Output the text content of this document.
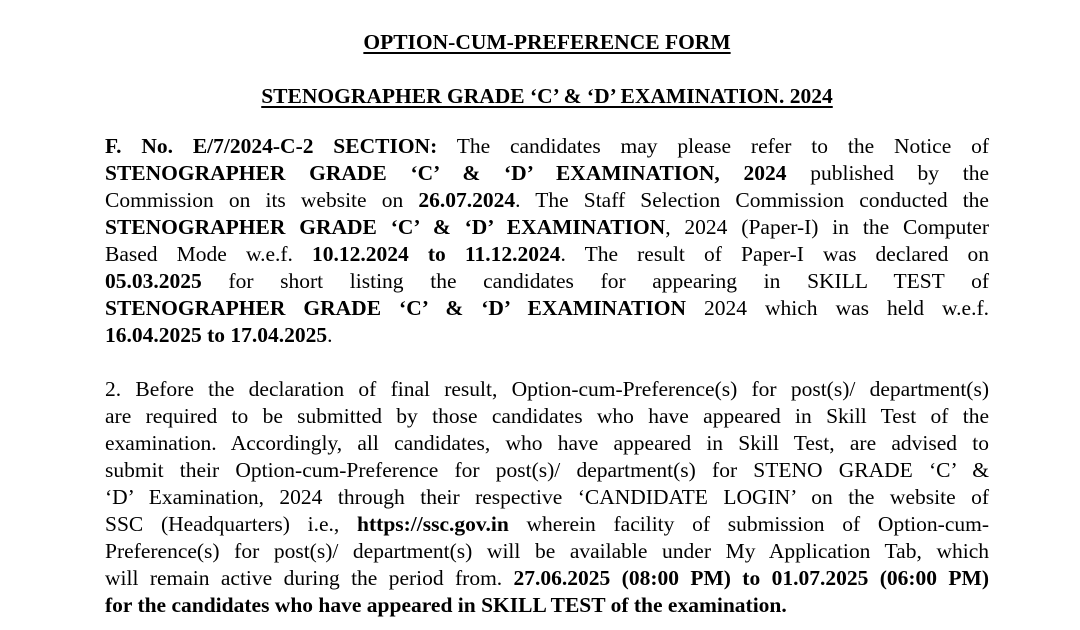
OPTION-CUM-PREFERENCE FORM
STENOGRAPHER GRADE ‘C’ & ‘D’ EXAMINATION. 2024

F. No. E/7/2024-C-2 SECTION: The candidates may please refer to the Notice of
STENOGRAPHER GRADE ‘C’ & ‘D’ EXAMINATION, 2024 published by the
Commission on its website on 26.07.2024. The Staff Selection Commission conducted the
STENOGRAPHER GRADE ‘C’ & ‘D’ EXAMINATION, 2024 (Paper-I) in the Computer
Based Mode w.e.f. 10.12.2024 to 11.12.2024. The result of Paper-I was declared on
05.03.2025 for short listing the candidates for appearing in SKILL TEST of
STENOGRAPHER GRADE ‘C’ & ‘D’ EXAMINATION 2024 which was held w.e.f.
16.04.2025 to 17.04.2025.

2. Before the declaration of final result, Option-cum-Preference(s) for post(s)/ department(s)
are required to be submitted by those candidates who have appeared in Skill Test of the
examination. Accordingly, all candidates, who have appeared in Skill Test, are advised to
submit their Option-cum-Preference for post(s)/ department(s) for STENO GRADE ‘C’ &
‘D’ Examination, 2024 through their respective ‘CANDIDATE LOGIN’ on the website of
SSC (Headquarters) i.e., https://ssc.gov.in wherein facility of submission of Option-cum-
Preference(s) for post(s)/ department(s) will be available under My Application Tab, which
will remain active during the period from. 27.06.2025 (08:00 PM) to 01.07.2025 (06:00 PM)
for the candidates who have appeared in SKILL TEST of the examination.
